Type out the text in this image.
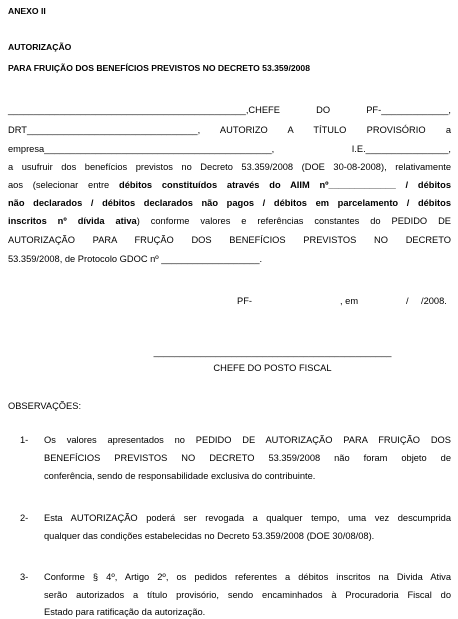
ANEXO II

AUTORIZAÇÃO

PARA FRUIÇÃO DOS BENEFÍCIOS PREVISTOS NO DECRETO 53.359/2008

______________________________________________,CHEFE DO PF-_____________,

DRT_________________________________, AUTORIZO A TÍTULO PROVISÓRIO a

empresa____________________________________________, I.E.________________,

a usufruir dos benefícios previstos no Decreto 53.359/2008 (DOE 30-08-2008), relativamente

aos (selecionar entre débitos constituídos através do AIIM nº_____________ / débitos

não declarados / débitos declarados não pagos / débitos em parcelamento / débitos

inscritos nº dívida ativa) conforme valores e referências constantes do PEDIDO DE

AUTORIZAÇÃO PARA FRUÇÃO DOS BENEFÍCIOS PREVISTOS NO DECRETO

53.359/2008, de Protocolo GDOC nº ___________________.

PF-	, em	/ /2008.

______________________________________________

CHEFE DO POSTO FISCAL

OBSERVAÇÕES:

1- Os valores apresentados no PEDIDO DE AUTORIZAÇÃO PARA FRUIÇÃO DOS

BENEFÍCIOS PREVISTOS NO DECRETO 53.359/2008 não foram objeto de

conferência, sendo de responsabilidade exclusiva do contribuinte.

2- Esta AUTORIZAÇÃO poderá ser revogada a qualquer tempo, uma vez descumprida

qualquer das condições estabelecidas no Decreto 53.359/2008 (DOE 30/08/08).

3- Conforme § 4º, Artigo 2º, os pedidos referentes a débitos inscritos na Divida Ativa

serão autorizados a título provisório, sendo encaminhados à Procuradoria Fiscal do

Estado para ratificação da autorização.
